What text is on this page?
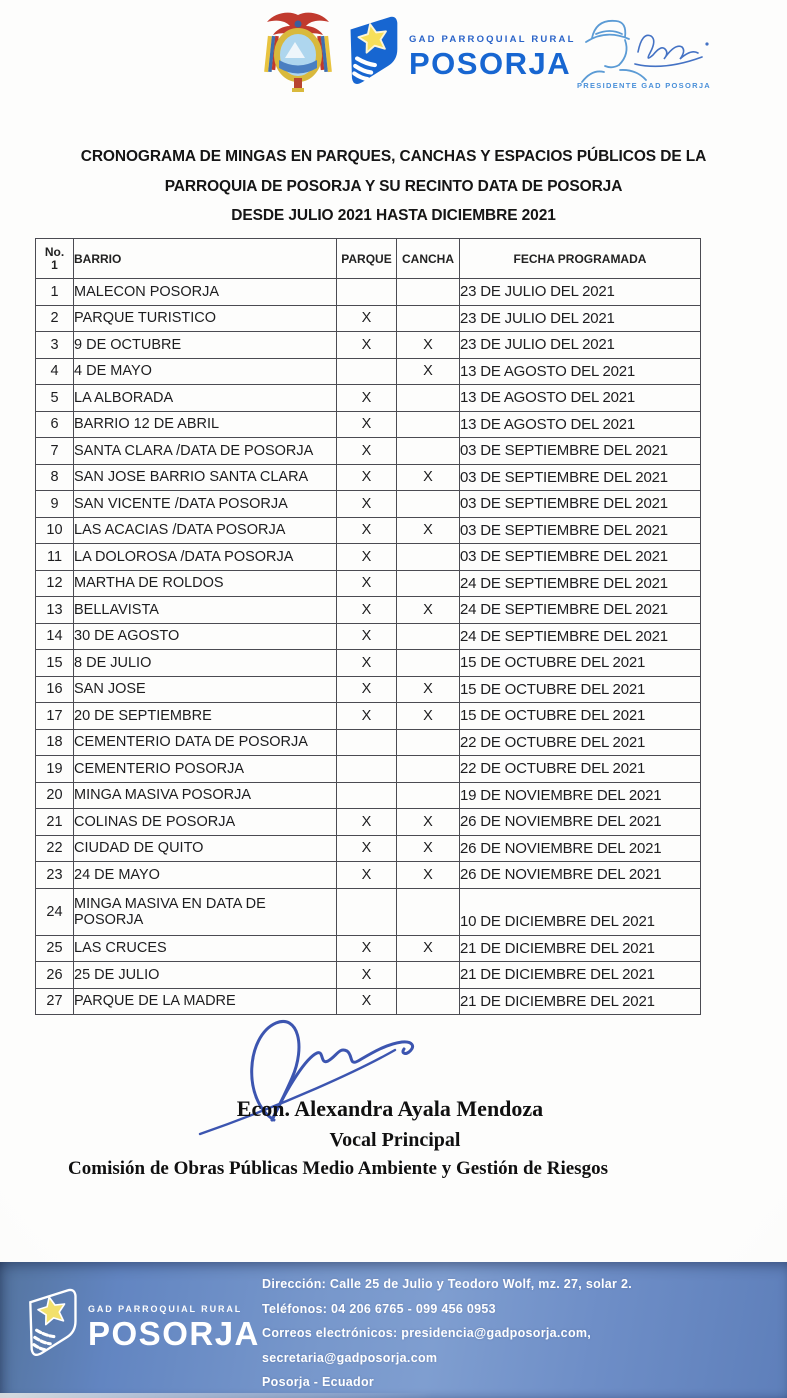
GAD PARROQUIAL RURAL
POSORJA
PRESIDENTE GAD POSORJA
CRONOGRAMA DE MINGAS EN PARQUES, CANCHAS Y ESPACIOS PÚBLICOS DE LA
PARROQUIA DE POSORJA Y SU RECINTO DATA DE POSORJA
DESDE JULIO 2021 HASTA DICIEMBRE 2021
No.
1	BARRIO	PARQUE	CANCHA	FECHA PROGRAMADA
1	MALECON POSORJA			23 DE JULIO DEL 2021
2	PARQUE TURISTICO	X		23 DE JULIO DEL 2021
3	9 DE OCTUBRE	X	X	23 DE JULIO DEL 2021
4	4 DE MAYO		X	13 DE AGOSTO DEL 2021
5	LA ALBORADA	X		13 DE AGOSTO DEL 2021
6	BARRIO 12 DE ABRIL	X		13 DE AGOSTO DEL 2021
7	SANTA CLARA /DATA DE POSORJA	X		03 DE SEPTIEMBRE DEL 2021
8	SAN JOSE BARRIO SANTA CLARA	X	X	03 DE SEPTIEMBRE DEL 2021
9	SAN VICENTE /DATA POSORJA	X		03 DE SEPTIEMBRE DEL 2021
10	LAS ACACIAS /DATA POSORJA	X	X	03 DE SEPTIEMBRE DEL 2021
11	LA DOLOROSA /DATA POSORJA	X		03 DE SEPTIEMBRE DEL 2021
12	MARTHA DE ROLDOS	X		24 DE SEPTIEMBRE DEL 2021
13	BELLAVISTA	X	X	24 DE SEPTIEMBRE DEL 2021
14	30 DE AGOSTO	X		24 DE SEPTIEMBRE DEL 2021
15	8 DE JULIO	X		15 DE OCTUBRE DEL 2021
16	SAN JOSE	X	X	15 DE OCTUBRE DEL 2021
17	20 DE SEPTIEMBRE	X	X	15 DE OCTUBRE DEL 2021
18	CEMENTERIO DATA DE POSORJA			22 DE OCTUBRE DEL 2021
19	CEMENTERIO POSORJA			22 DE OCTUBRE DEL 2021
20	MINGA MASIVA POSORJA			19 DE NOVIEMBRE DEL 2021
21	COLINAS DE POSORJA	X	X	26 DE NOVIEMBRE DEL 2021
22	CIUDAD DE QUITO	X	X	26 DE NOVIEMBRE DEL 2021
23	24 DE MAYO	X	X	26 DE NOVIEMBRE DEL 2021
24	MINGA MASIVA EN DATA DE POSORJA			10 DE DICIEMBRE DEL 2021
25	LAS CRUCES	X	X	21 DE DICIEMBRE DEL 2021
26	25 DE JULIO	X		21 DE DICIEMBRE DEL 2021
27	PARQUE DE LA MADRE	X		21 DE DICIEMBRE DEL 2021
Econ. Alexandra Ayala Mendoza
Vocal Principal
Comisión de Obras Públicas Medio Ambiente y Gestión de Riesgos
GAD PARROQUIAL RURAL
POSORJA
Dirección: Calle 25 de Julio y Teodoro Wolf, mz. 27, solar 2.
Teléfonos: 04 206 6765 - 099 456 0953
Correos electrónicos: presidencia@gadposorja.com,
secretaria@gadposorja.com
Posorja - Ecuador
